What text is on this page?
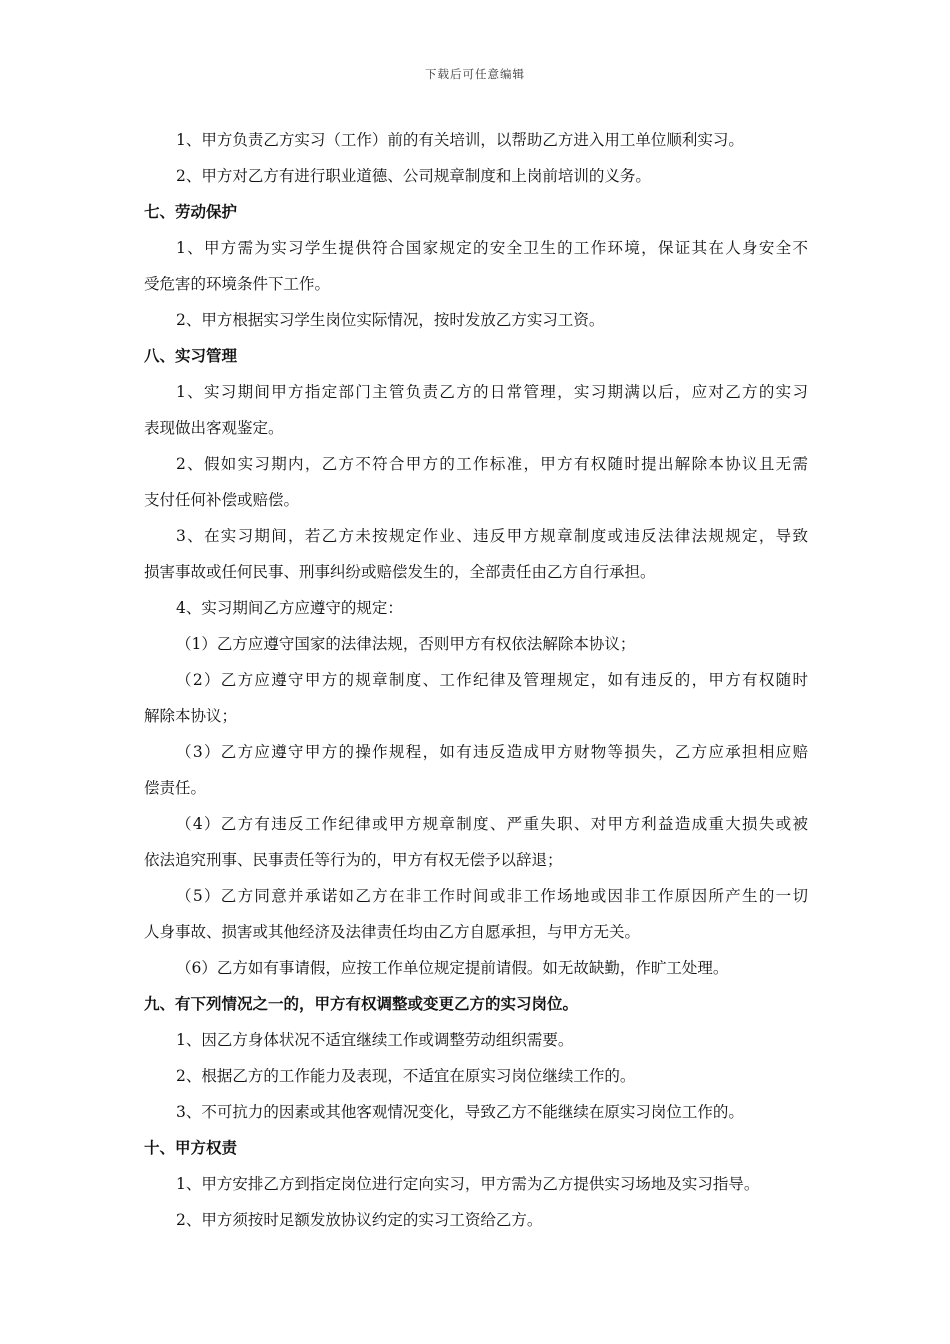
下载后可任意编辑
1、甲方负责乙方实习（工作）前的有关培训，以帮助乙方进入用工单位顺利实习。
2、甲方对乙方有进行职业道德、公司规章制度和上岗前培训的义务。
七、劳动保护
1、甲方需为实习学生提供符合国家规定的安全卫生的工作环境，保证其在人身安全不
受危害的环境条件下工作。
2、甲方根据实习学生岗位实际情况，按时发放乙方实习工资。
八、实习管理
1、实习期间甲方指定部门主管负责乙方的日常管理，实习期满以后，应对乙方的实习
表现做出客观鉴定。
2、假如实习期内，乙方不符合甲方的工作标准，甲方有权随时提出解除本协议且无需
支付任何补偿或赔偿。
3、在实习期间，若乙方未按规定作业、违反甲方规章制度或违反法律法规规定，导致
损害事故或任何民事、刑事纠纷或赔偿发生的，全部责任由乙方自行承担。
4、实习期间乙方应遵守的规定：
（1）乙方应遵守国家的法律法规，否则甲方有权依法解除本协议；
（2）乙方应遵守甲方的规章制度、工作纪律及管理规定，如有违反的，甲方有权随时
解除本协议；
（3）乙方应遵守甲方的操作规程，如有违反造成甲方财物等损失，乙方应承担相应赔
偿责任。
（4）乙方有违反工作纪律或甲方规章制度、严重失职、对甲方利益造成重大损失或被
依法追究刑事、民事责任等行为的，甲方有权无偿予以辞退；
（5）乙方同意并承诺如乙方在非工作时间或非工作场地或因非工作原因所产生的一切
人身事故、损害或其他经济及法律责任均由乙方自愿承担，与甲方无关。
（6）乙方如有事请假，应按工作单位规定提前请假。如无故缺勤，作旷工处理。
九、有下列情况之一的，甲方有权调整或变更乙方的实习岗位。
1、因乙方身体状况不适宜继续工作或调整劳动组织需要。
2、根据乙方的工作能力及表现，不适宜在原实习岗位继续工作的。
3、不可抗力的因素或其他客观情况变化，导致乙方不能继续在原实习岗位工作的。
十、甲方权责
1、甲方安排乙方到指定岗位进行定向实习，甲方需为乙方提供实习场地及实习指导。
2、甲方须按时足额发放协议约定的实习工资给乙方。
